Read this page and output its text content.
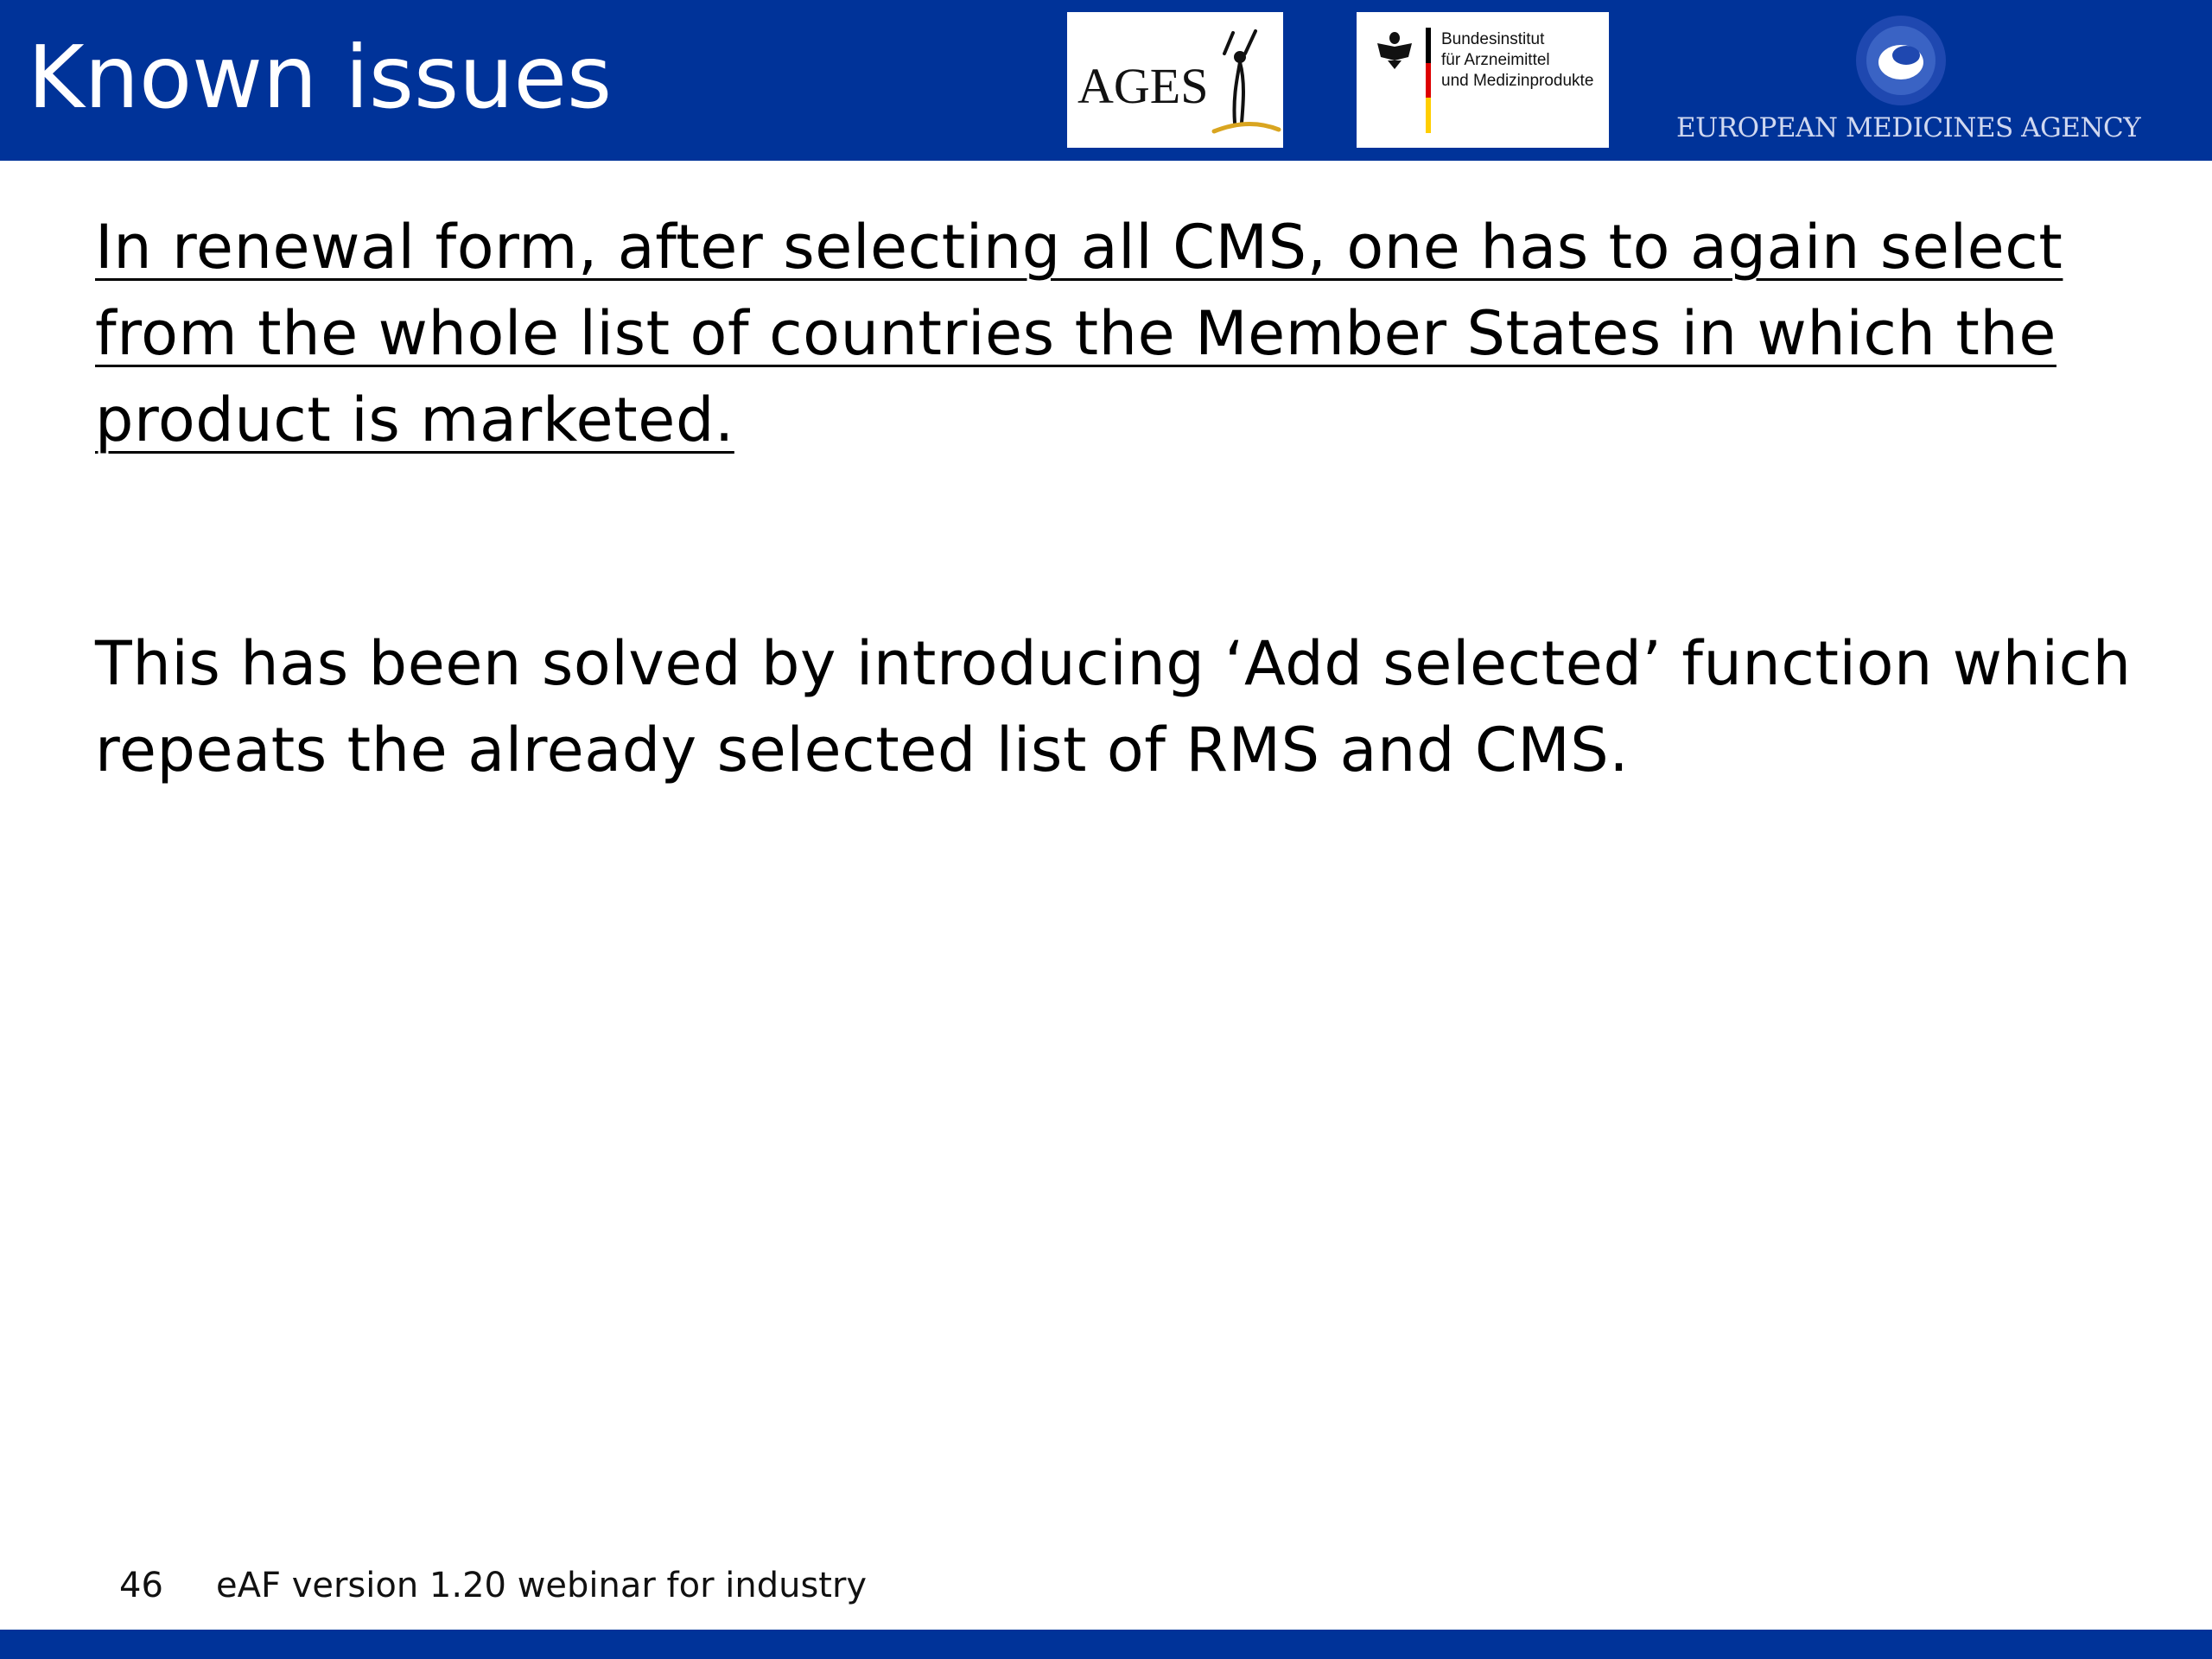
Known issues	AGES
Bundesinstitut
für Arzneimittel
und Medizinprodukte
EUROPEAN MEDICINES AGENCY

In renewal form, after selecting all CMS, one has to again select from the whole list of countries the Member States in which the product is marketed.

This has been solved by introducing ‘Add selected’ function which repeats the already selected list of RMS and CMS.

46 eAF version 1.20 webinar for industry
